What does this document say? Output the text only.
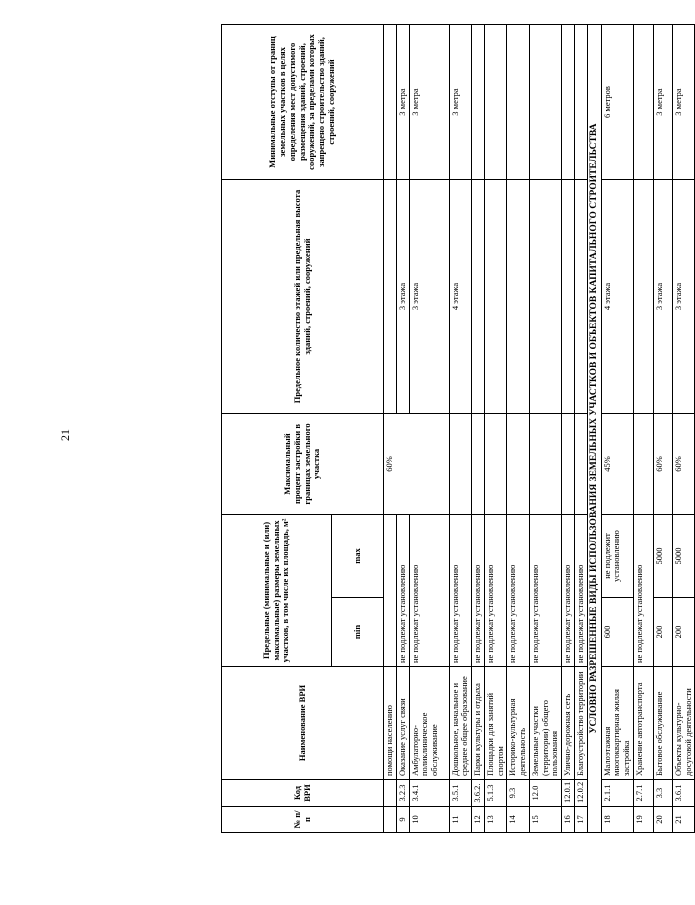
21
№ п/п	Код ВРИ	Наименование ВРИ	Предельные (минимальные и (или) максимальные) размеры земельных участков, в том числе их площадь, м²		Максимальный процент застройки в границах земельного участка	Предельное количество этажей или предельная высота зданий, строений, сооружений	Минимальные отступы от границ земельных участков в целях определения мест допустимого размещения зданий, строений, сооружений, за пределами которых запрещено строительство зданий, строений, сооружений
			min	max			
		помощи населению			60%		
9	3.2.3	Оказание услуг связи	не подлежат установлению			3 этажа	3 метра
10	3.4.1	Амбулаторно-поликлиническое обслуживание	не подлежат установлению			3 этажа	3 метра
11	3.5.1	Дошкольное, начальное и среднее общее образование	не подлежат установлению			4 этажа	3 метра
12	3.6.2.	Парки культуры и отдыха	не подлежат установлению				
13	5.1.3	Площадки для занятий спортом	не подлежат установлению				
14	9.3	Историко-культурная деятельность	не подлежат установлению				
15	12.0	Земельные участки (территории) общего пользования	не подлежат установлению				
16	12.0.1	Улично-дорожная сеть	не подлежат установлению				
17	12.0.2	Благоустройство территории	не подлежат установлению				
УСЛОВНО РАЗРЕШЕННЫЕ ВИДЫ ИСПОЛЬЗОВАНИЯ ЗЕМЕЛЬНЫХ УЧАСТКОВ И ОБЪЕКТОВ КАПИТАЛЬНОГО СТРОИТЕЛЬСТВА							
18	2.1.1	Малоэтажная многоквартирная жилая застройка	600	не подлежит установлению	45%	4 этажа	6 метров
19	2.7.1	Хранение автотранспорта	не подлежат установлению				
20	3.3	Бытовое обслуживание	200	5000	60%	3 этажа	3 метра
21	3.6.1	Объекты культурно-досуговой деятельности	200	5000	60%	3 этажа	3 метра
